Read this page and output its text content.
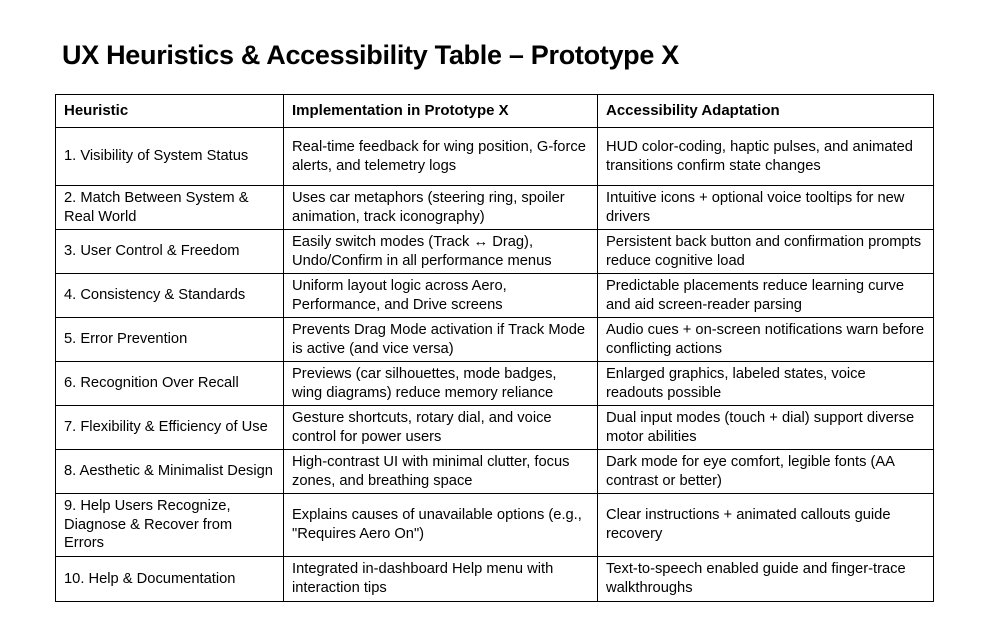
UX Heuristics & Accessibility Table – Prototype X
Heuristic	Implementation in Prototype X	Accessibility Adaptation
1. Visibility of System Status	Real-time feedback for wing position, G-force alerts, and telemetry logs	HUD color-coding, haptic pulses, and animated transitions confirm state changes
2. Match Between System & Real World	Uses car metaphors (steering ring, spoiler animation, track iconography)	Intuitive icons + optional voice tooltips for new drivers
3. User Control & Freedom	Easily switch modes (Track ↔ Drag), Undo/Confirm in all performance menus	Persistent back button and confirmation prompts reduce cognitive load
4. Consistency & Standards	Uniform layout logic across Aero, Performance, and Drive screens	Predictable placements reduce learning curve and aid screen-reader parsing
5. Error Prevention	Prevents Drag Mode activation if Track Mode is active (and vice versa)	Audio cues + on-screen notifications warn before conflicting actions
6. Recognition Over Recall	Previews (car silhouettes, mode badges, wing diagrams) reduce memory reliance	Enlarged graphics, labeled states, voice readouts possible
7. Flexibility & Efficiency of Use	Gesture shortcuts, rotary dial, and voice control for power users	Dual input modes (touch + dial) support diverse motor abilities
8. Aesthetic & Minimalist Design	High-contrast UI with minimal clutter, focus zones, and breathing space	Dark mode for eye comfort, legible fonts (AA contrast or better)
9. Help Users Recognize, Diagnose & Recover from Errors	Explains causes of unavailable options (e.g., "Requires Aero On")	Clear instructions + animated callouts guide recovery
10. Help & Documentation	Integrated in-dashboard Help menu with interaction tips	Text-to-speech enabled guide and finger-trace walkthroughs
